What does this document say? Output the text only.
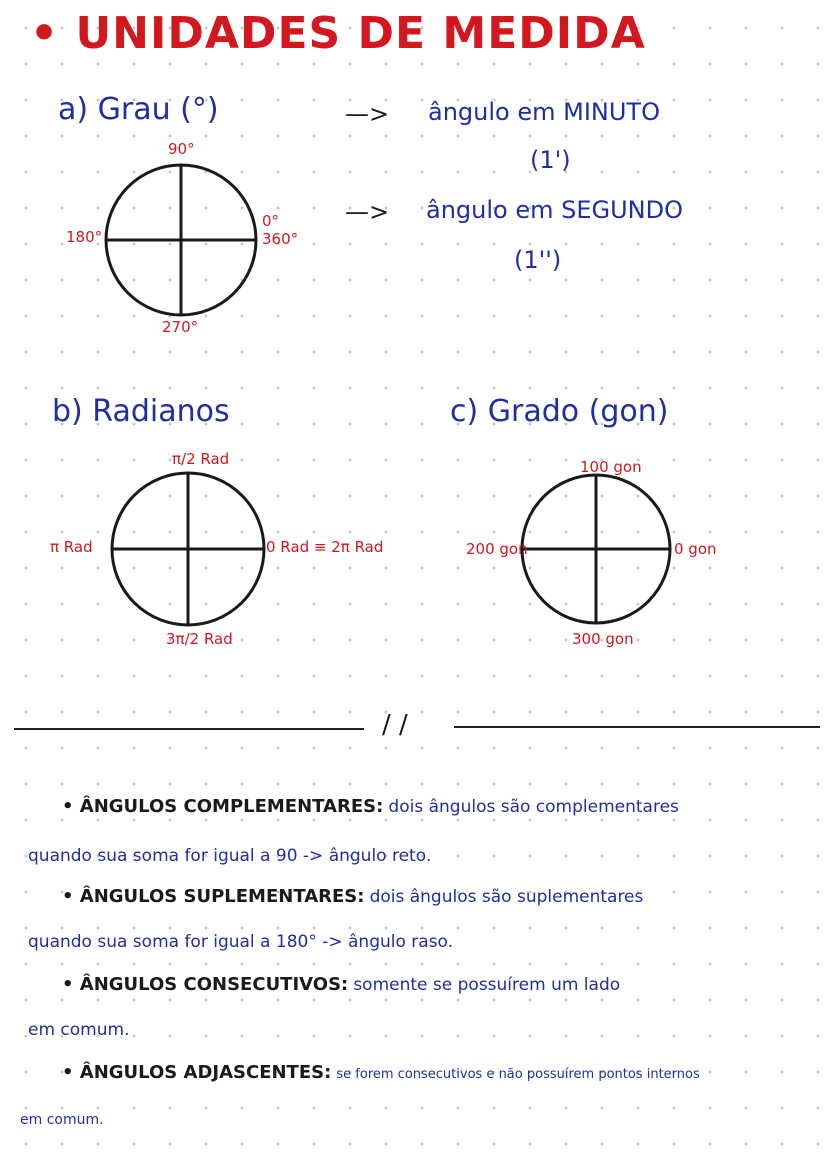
• UNIDADES DE MEDIDA
a) Grau (°)
90°
180°
0°
360°
270°
—> ângulo em MINUTO
(1')
—> ângulo em SEGUNDO
(1'')
b) Radianos
π/2 Rad
π Rad	0 Rad ≡ 2π Rad
3π/2 Rad
c) Grado (gon)
100 gon
200 gon	0 gon
300 gon
/ /
• ÂNGULOS COMPLEMENTARES: dois ângulos são complementares
quando sua soma for igual a 90 -> ângulo reto.
• ÂNGULOS SUPLEMENTARES: dois ângulos são suplementares
quando sua soma for igual a 180° -> ângulo raso.
• ÂNGULOS CONSECUTIVOS: somente se possuírem um lado
em comum.
• ÂNGULOS ADJASCENTES: se forem consecutivos e não possuírem pontos internos
em comum.
